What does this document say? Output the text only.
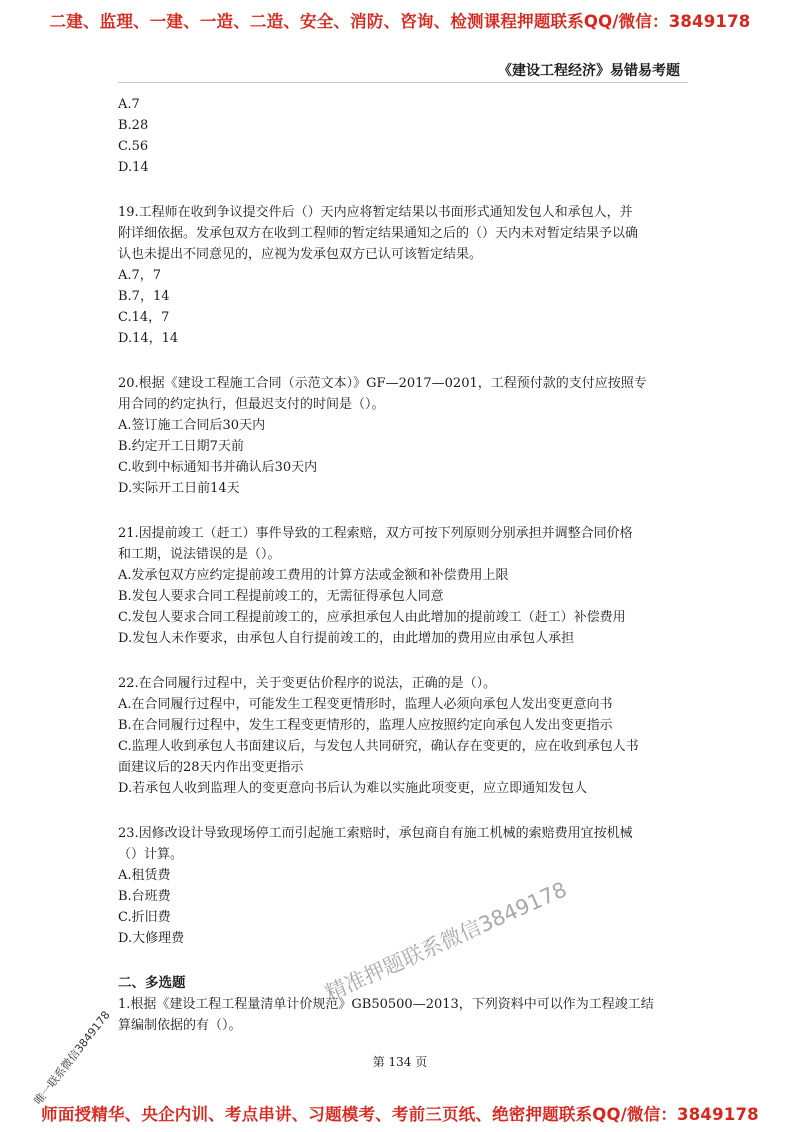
二建、监理、一建、一造、二造、安全、消防、咨询、检测课程押题联系QQ/微信：3849178
《建设工程经济》易错易考题
A.7
B.28
C.56
D.14
19.工程师在收到争议提交件后（）天内应将暂定结果以书面形式通知发包人和承包人，并
附详细依据。发承包双方在收到工程师的暂定结果通知之后的（）天内未对暂定结果予以确
认也未提出不同意见的，应视为发承包双方已认可该暂定结果。
A.7，7
B.7，14
C.14，7
D.14，14
20.根据《建设工程施工合同（示范文本）》GF—2017—0201，工程预付款的支付应按照专
用合同的约定执行，但最迟支付的时间是（）。
A.签订施工合同后30天内
B.约定开工日期7天前
C.收到中标通知书并确认后30天内
D.实际开工日前14天
21.因提前竣工（赶工）事件导致的工程索赔，双方可按下列原则分别承担并调整合同价格
和工期，说法错误的是（）。
A.发承包双方应约定提前竣工费用的计算方法或金额和补偿费用上限
B.发包人要求合同工程提前竣工的，无需征得承包人同意
C.发包人要求合同工程提前竣工的，应承担承包人由此增加的提前竣工（赶工）补偿费用
D.发包人未作要求，由承包人自行提前竣工的，由此增加的费用应由承包人承担
22.在合同履行过程中，关于变更估价程序的说法，正确的是（）。
A.在合同履行过程中，可能发生工程变更情形时，监理人必须向承包人发出变更意向书
B.在合同履行过程中，发生工程变更情形的，监理人应按照约定向承包人发出变更指示
C.监理人收到承包人书面建议后，与发包人共同研究，确认存在变更的，应在收到承包人书
面建议后的28天内作出变更指示
D.若承包人收到监理人的变更意向书后认为难以实施此项变更，应立即通知发包人
23.因修改设计导致现场停工而引起施工索赔时，承包商自有施工机械的索赔费用宜按机械
（）计算。
A.租赁费
B.台班费
C.折旧费
D.大修理费
二、多选题
1.根据《建设工程工程量清单计价规范》GB50500—2013，下列资料中可以作为工程竣工结
算编制依据的有（）。
精准押题联系微信3849178
唯一联系微信3849178	第 134 页
师面授精华、央企内训、考点串讲、习题模考、考前三页纸、绝密押题联系QQ/微信：3849178
